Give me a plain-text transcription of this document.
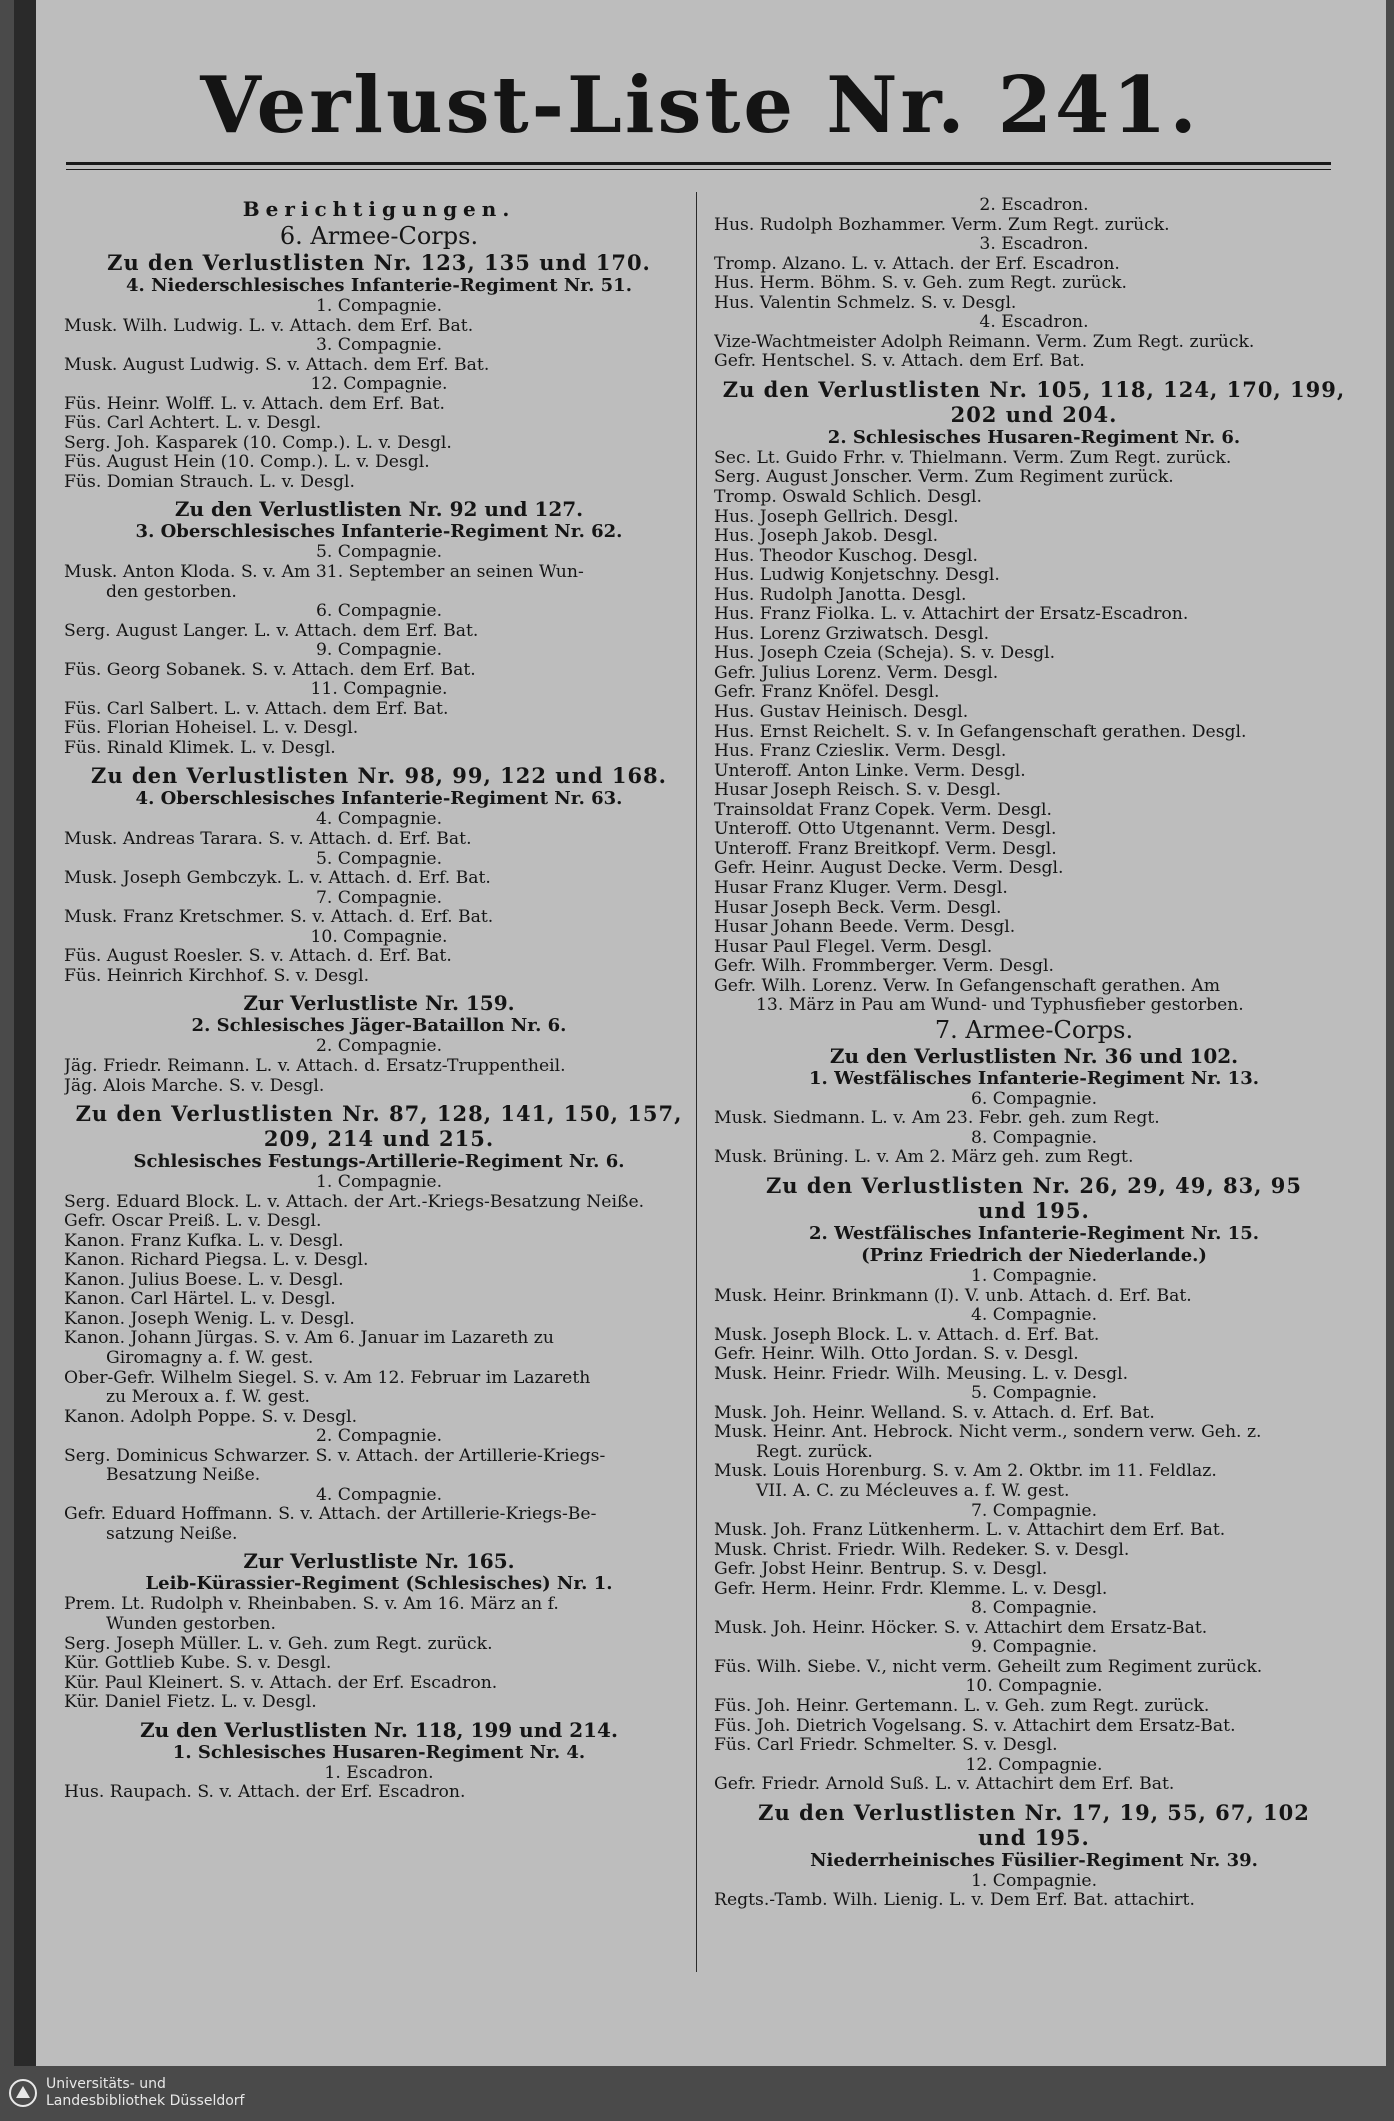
Verlust-Liste Nr. 241.
Berichtigungen.
6. Armee-Corps.
Zu den Verlustlisten Nr. 123, 135 und 170.
4. Niederschlesisches Infanterie-Regiment Nr. 51.
1. Compagnie.
Musk. Wilh. Ludwig. L. v. Attach. dem Erf. Bat.
3. Compagnie.
Musk. August Ludwig. S. v. Attach. dem Erf. Bat.
12. Compagnie.
Füs. Heinr. Wolff. L. v. Attach. dem Erf. Bat.
Füs. Carl Achtert. L. v. Desgl.
Serg. Joh. Kasparek (10. Comp.). L. v. Desgl.
Füs. August Hein (10. Comp.). L. v. Desgl.
Füs. Domian Strauch. L. v. Desgl.
Zu den Verlustlisten Nr. 92 und 127.
3. Oberschlesisches Infanterie-Regiment Nr. 62.
5. Compagnie.
Musk. Anton Kloda. S. v. Am 31. September an seinen Wun-
den gestorben.
6. Compagnie.
Serg. August Langer. L. v. Attach. dem Erf. Bat.
9. Compagnie.
Füs. Georg Sobanek. S. v. Attach. dem Erf. Bat.
11. Compagnie.
Füs. Carl Salbert. L. v. Attach. dem Erf. Bat.
Füs. Florian Hoheisel. L. v. Desgl.
Füs. Rinald Klimek. L. v. Desgl.
Zu den Verlustlisten Nr. 98, 99, 122 und 168.
4. Oberschlesisches Infanterie-Regiment Nr. 63.
4. Compagnie.
Musk. Andreas Tarara. S. v. Attach. d. Erf. Bat.
5. Compagnie.
Musk. Joseph Gembczyk. L. v. Attach. d. Erf. Bat.
7. Compagnie.
Musk. Franz Kretschmer. S. v. Attach. d. Erf. Bat.
10. Compagnie.
Füs. August Roesler. S. v. Attach. d. Erf. Bat.
Füs. Heinrich Kirchhof. S. v. Desgl.
Zur Verlustliste Nr. 159.
2. Schlesisches Jäger-Bataillon Nr. 6.
2. Compagnie.
Jäg. Friedr. Reimann. L. v. Attach. d. Ersatz-Truppentheil.
Jäg. Alois Marche. S. v. Desgl.
Zu den Verlustlisten Nr. 87, 128, 141, 150, 157,
209, 214 und 215.
Schlesisches Festungs-Artillerie-Regiment Nr. 6.
1. Compagnie.
Serg. Eduard Block. L. v. Attach. der Art.-Kriegs-Besatzung Neiße.
Gefr. Oscar Preiß. L. v. Desgl.
Kanon. Franz Kufka. L. v. Desgl.
Kanon. Richard Piegsa. L. v. Desgl.
Kanon. Julius Boese. L. v. Desgl.
Kanon. Carl Härtel. L. v. Desgl.
Kanon. Joseph Wenig. L. v. Desgl.
Kanon. Johann Jürgas. S. v. Am 6. Januar im Lazareth zu
Giromagny a. f. W. gest.
Ober-Gefr. Wilhelm Siegel. S. v. Am 12. Februar im Lazareth
zu Meroux a. f. W. gest.
Kanon. Adolph Poppe. S. v. Desgl.
2. Compagnie.
Serg. Dominicus Schwarzer. S. v. Attach. der Artillerie-Kriegs-
Besatzung Neiße.
4. Compagnie.
Gefr. Eduard Hoffmann. S. v. Attach. der Artillerie-Kriegs-Be-
satzung Neiße.
Zur Verlustliste Nr. 165.
Leib-Kürassier-Regiment (Schlesisches) Nr. 1.
Prem. Lt. Rudolph v. Rheinbaben. S. v. Am 16. März an f.
Wunden gestorben.
Serg. Joseph Müller. L. v. Geh. zum Regt. zurück.
Kür. Gottlieb Kube. S. v. Desgl.
Kür. Paul Kleinert. S. v. Attach. der Erf. Escadron.
Kür. Daniel Fietz. L. v. Desgl.
Zu den Verlustlisten Nr. 118, 199 und 214.
1. Schlesisches Husaren-Regiment Nr. 4.
1. Escadron.
Hus. Raupach. S. v. Attach. der Erf. Escadron.
2. Escadron.
Hus. Rudolph Bozhammer. Verm. Zum Regt. zurück.
3. Escadron.
Tromp. Alzano. L. v. Attach. der Erf. Escadron.
Hus. Herm. Böhm. S. v. Geh. zum Regt. zurück.
Hus. Valentin Schmelz. S. v. Desgl.
4. Escadron.
Vize-Wachtmeister Adolph Reimann. Verm. Zum Regt. zurück.
Gefr. Hentschel. S. v. Attach. dem Erf. Bat.
Zu den Verlustlisten Nr. 105, 118, 124, 170, 199,
202 und 204.
2. Schlesisches Husaren-Regiment Nr. 6.
Sec. Lt. Guido Frhr. v. Thielmann. Verm. Zum Regt. zurück.
Serg. August Jonscher. Verm. Zum Regiment zurück.
Tromp. Oswald Schlich. Desgl.
Hus. Joseph Gellrich. Desgl.
Hus. Joseph Jakob. Desgl.
Hus. Theodor Kuschog. Desgl.
Hus. Ludwig Konjetschny. Desgl.
Hus. Rudolph Janotta. Desgl.
Hus. Franz Fiolka. L. v. Attachirt der Ersatz-Escadron.
Hus. Lorenz Grziwatsch. Desgl.
Hus. Joseph Czeia (Scheja). S. v. Desgl.
Gefr. Julius Lorenz. Verm. Desgl.
Gefr. Franz Knöfel. Desgl.
Hus. Gustav Heinisch. Desgl.
Hus. Ernst Reichelt. S. v. In Gefangenschaft gerathen. Desgl.
Hus. Franz Cziesliк. Verm. Desgl.
Unteroff. Anton Linke. Verm. Desgl.
Husar Joseph Reisch. S. v. Desgl.
Trainsoldat Franz Copek. Verm. Desgl.
Unteroff. Otto Utgenannt. Verm. Desgl.
Unteroff. Franz Breitkopf. Verm. Desgl.
Gefr. Heinr. August Decke. Verm. Desgl.
Husar Franz Kluger. Verm. Desgl.
Husar Joseph Beck. Verm. Desgl.
Husar Johann Beede. Verm. Desgl.
Husar Paul Flegel. Verm. Desgl.
Gefr. Wilh. Frommberger. Verm. Desgl.
Gefr. Wilh. Lorenz. Verw. In Gefangenschaft gerathen. Am
13. März in Pau am Wund- und Typhusfieber gestorben.
7. Armee-Corps.
Zu den Verlustlisten Nr. 36 und 102.
1. Westfälisches Infanterie-Regiment Nr. 13.
6. Compagnie.
Musk. Siedmann. L. v. Am 23. Febr. geh. zum Regt.
8. Compagnie.
Musk. Brüning. L. v. Am 2. März geh. zum Regt.
Zu den Verlustlisten Nr. 26, 29, 49, 83, 95
und 195.
2. Westfälisches Infanterie-Regiment Nr. 15.
(Prinz Friedrich der Niederlande.)
1. Compagnie.
Musk. Heinr. Brinkmann (I). V. unb. Attach. d. Erf. Bat.
4. Compagnie.
Musk. Joseph Block. L. v. Attach. d. Erf. Bat.
Gefr. Heinr. Wilh. Otto Jordan. S. v. Desgl.
Musk. Heinr. Friedr. Wilh. Meusing. L. v. Desgl.
5. Compagnie.
Musk. Joh. Heinr. Welland. S. v. Attach. d. Erf. Bat.
Musk. Heinr. Ant. Hebrock. Nicht verm., sondern verw. Geh. z.
Regt. zurück.
Musk. Louis Horenburg. S. v. Am 2. Oktbr. im 11. Feldlaz.
VII. A. C. zu Mécleuves a. f. W. gest.
7. Compagnie.
Musk. Joh. Franz Lütkenherm. L. v. Attachirt dem Erf. Bat.
Musk. Christ. Friedr. Wilh. Redeker. S. v. Desgl.
Gefr. Jobst Heinr. Bentrup. S. v. Desgl.
Gefr. Herm. Heinr. Frdr. Klemme. L. v. Desgl.
8. Compagnie.
Musk. Joh. Heinr. Höcker. S. v. Attachirt dem Ersatz-Bat.
9. Compagnie.
Füs. Wilh. Siebe. V., nicht verm. Geheilt zum Regiment zurück.
10. Compagnie.
Füs. Joh. Heinr. Gertemann. L. v. Geh. zum Regt. zurück.
Füs. Joh. Dietrich Vogelsang. S. v. Attachirt dem Ersatz-Bat.
Füs. Carl Friedr. Schmelter. S. v. Desgl.
12. Compagnie.
Gefr. Friedr. Arnold Suß. L. v. Attachirt dem Erf. Bat.
Zu den Verlustlisten Nr. 17, 19, 55, 67, 102
und 195.
Niederrheinisches Füsilier-Regiment Nr. 39.
1. Compagnie.
Regts.-Tamb. Wilh. Lienig. L. v. Dem Erf. Bat. attachirt.
Universitäts- und
Landesbibliothek Düsseldorf
